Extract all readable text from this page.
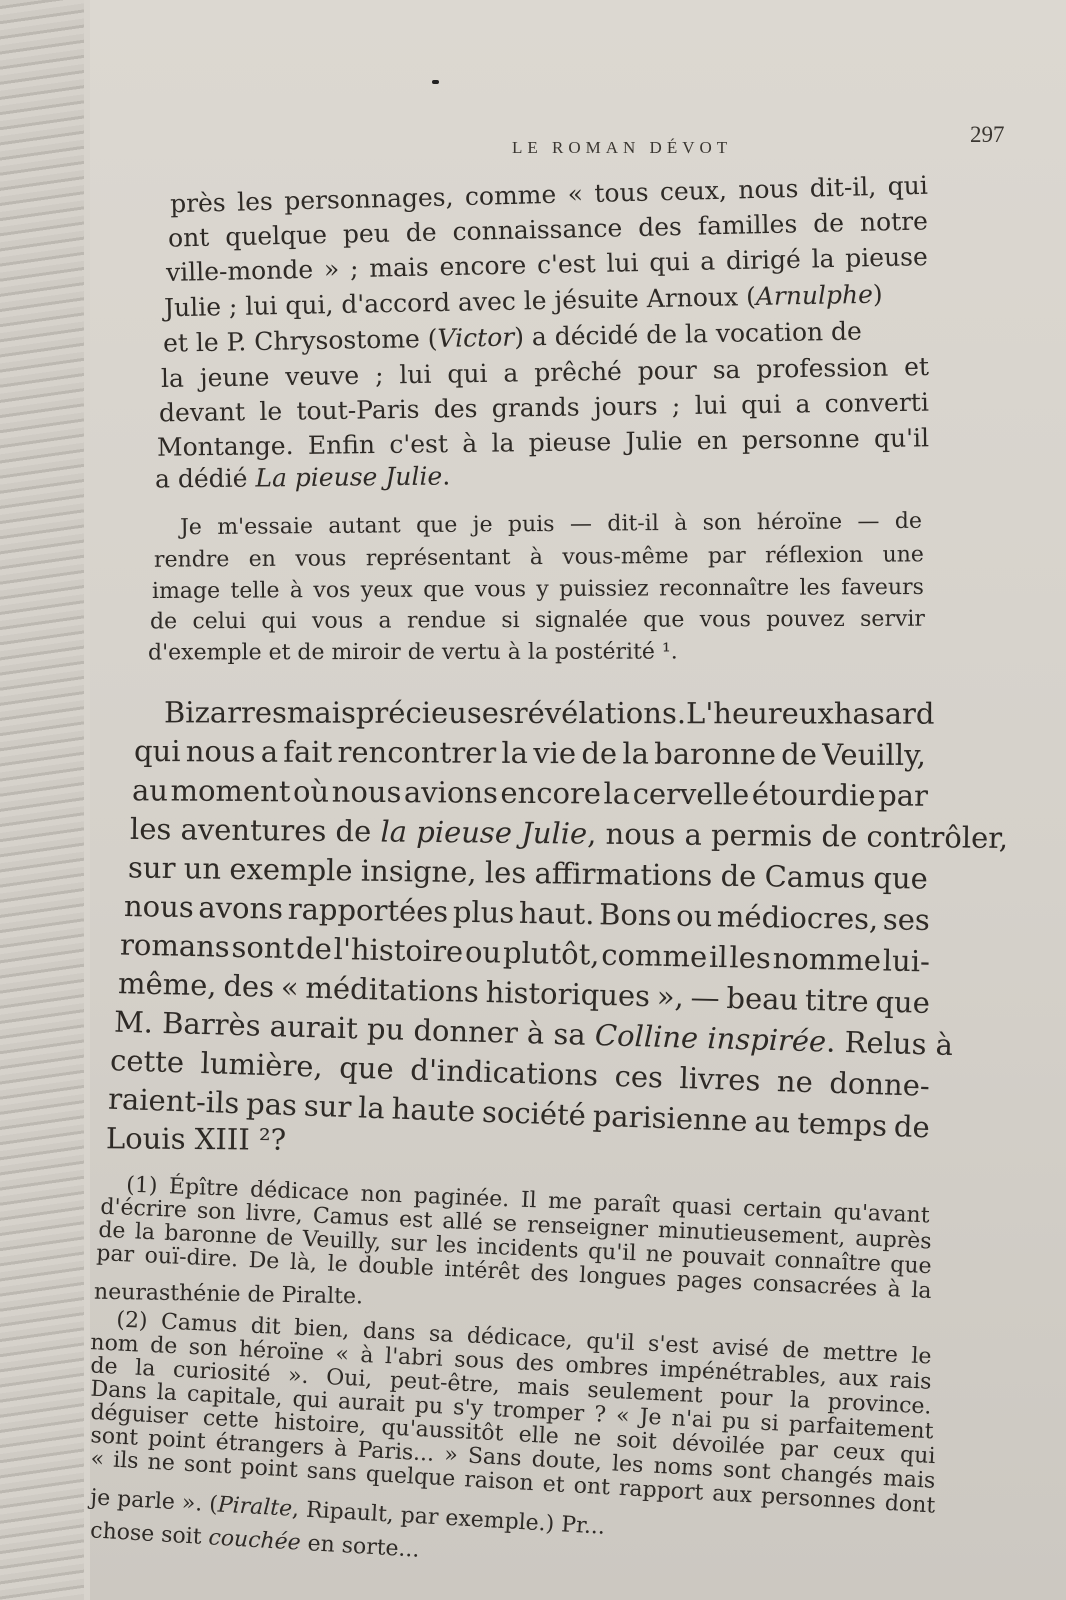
LE ROMAN DÉVOT
297
près les personnages, comme « tous ceux, nous dit-il, qui
ont quelque peu de connaissance des familles de notre
ville-monde » ; mais encore c'est lui qui a dirigé la pieuse
Julie ; lui qui, d'accord avec le jésuite Arnoux (Arnulphe)
et le P. Chrysostome (Victor) a décidé de la vocation de
la jeune veuve ; lui qui a prêché pour sa profession et
devant le tout-Paris des grands jours ; lui qui a converti
Montange. Enfin c'est à la pieuse Julie en personne qu'il
a dédié La pieuse Julie.
Je m'essaie autant que je puis — dit-il à son héroïne — de
rendre en vous représentant à vous-même par réflexion une
image telle à vos yeux que vous y puissiez reconnaître les faveurs
de celui qui vous a rendue si signalée que vous pouvez servir
d'exemple et de miroir de vertu à la postérité ¹.
Bizarres mais précieuses révélations. L'heureux hasard
qui nous a fait rencontrer la vie de la baronne de Veuilly,
au moment où nous avions encore la cervelle étourdie par
les aventures de la pieuse Julie, nous a permis de contrôler,
sur un exemple insigne, les affirmations de Camus que
nous avons rapportées plus haut. Bons ou médiocres, ses
romans sont de l'histoire ou plutôt, comme il les nomme lui-
même, des « méditations historiques », — beau titre que
M. Barrès aurait pu donner à sa Colline inspirée. Relus à
cette lumière, que d'indications ces livres ne donne-
raient-ils pas sur la haute société parisienne au temps de
Louis XIII ²?
(1) Épître dédicace non paginée. Il me paraît quasi certain qu'avant
d'écrire son livre, Camus est allé se renseigner minutieusement, auprès
de la baronne de Veuilly, sur les incidents qu'il ne pouvait connaître que
par ouï-dire. De là, le double intérêt des longues pages consacrées à la
neurasthénie de Piralte.
(2) Camus dit bien, dans sa dédicace, qu'il s'est avisé de mettre le
nom de son héroïne « à l'abri sous des ombres impénétrables, aux rais
de la curiosité ». Oui, peut-être, mais seulement pour la province.
Dans la capitale, qui aurait pu s'y tromper ? « Je n'ai pu si parfaitement
déguiser cette histoire, qu'aussitôt elle ne soit dévoilée par ceux qui
sont point étrangers à Paris... » Sans doute, les noms sont changés mais
« ils ne sont point sans quelque raison et ont rapport aux personnes dont
je parle ». (Piralte, Ripault, par exemple.) Pr...
chose soit couchée en sorte...
